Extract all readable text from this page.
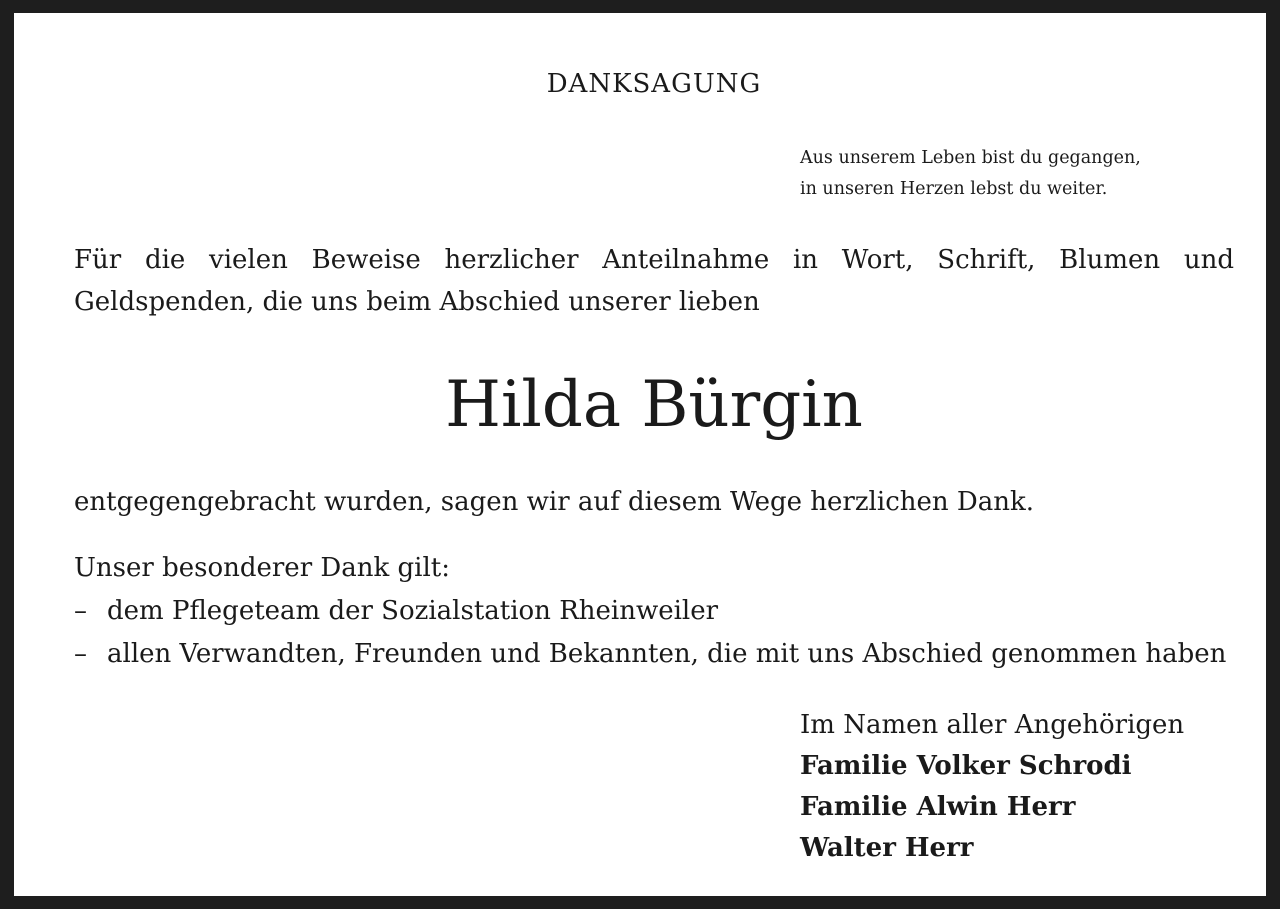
DANKSAGUNG
Aus unserem Leben bist du gegangen,
in unseren Herzen lebst du weiter.
Für die vielen Beweise herzlicher Anteilnahme in Wort, Schrift, Blumen und
Geldspenden, die uns beim Abschied unserer lieben
Hilda Bürgin
entgegengebracht wurden, sagen wir auf diesem Wege herzlichen Dank.
Unser besonderer Dank gilt:
– dem Pflegeteam der Sozialstation Rheinweiler
– allen Verwandten, Freunden und Bekannten, die mit uns Abschied genommen haben
Im Namen aller Angehörigen
Familie Volker Schrodi
Familie Alwin Herr
Walter Herr
